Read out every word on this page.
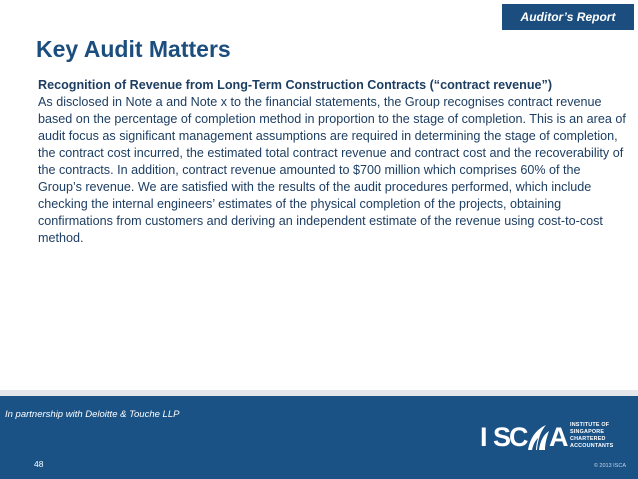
Auditor’s Report
Key Audit Matters
Recognition of Revenue from Long-Term Construction Contracts (“contract revenue”)

As disclosed in Note a and Note x to the financial statements, the Group recognises contract revenue based on the percentage of completion method in proportion to the stage of completion. This is an area of audit focus as significant management assumptions are required in determining the stage of completion, the contract cost incurred, the estimated total contract revenue and contract cost and the recoverability of the contracts. In addition, contract revenue amounted to $700 million which comprises 60% of the Group’s revenue. We are satisfied with the results of the audit procedures performed, which include checking the internal engineers’ estimates of the physical completion of the projects, obtaining confirmations from customers and deriving an independent estimate of the revenue using cost-to-cost method.

In partnership with Deloitte & Touche LLP
48
I S
C A INSTITUTE OF
SINGAPORE
CHARTERED
ACCOUNTANTS
© 2013 ISCA
